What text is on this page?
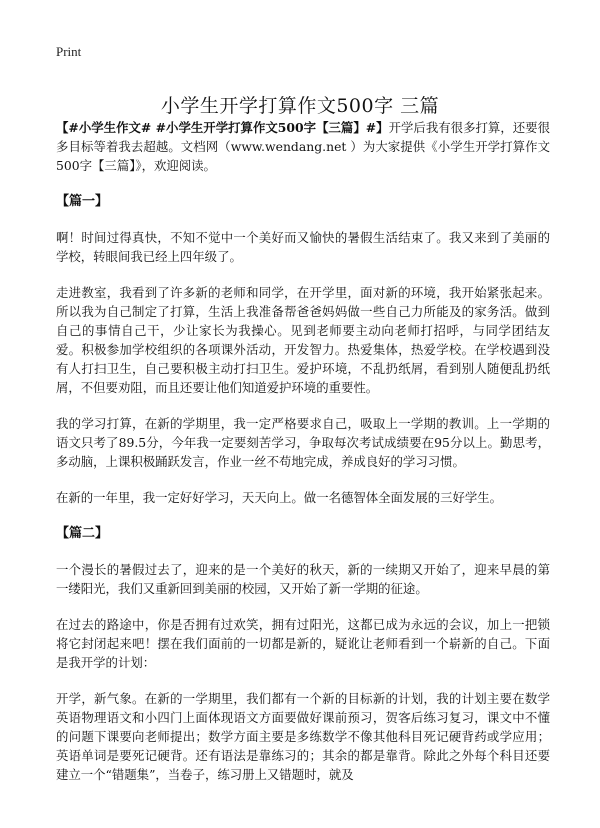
Print
小学生开学打算作文500字 三篇

【#小学生作文# #小学生开学打算作文500字【三篇】#】开学后我有很多打算，还要很多目标等着我去超越。文档网（www.wendang.net ）为大家提供《小学生开学打算作文500字【三篇】》，欢迎阅读。

【篇一】

啊！时间过得真快，不知不觉中一个美好而又愉快的暑假生活结束了。我又来到了美丽的学校，转眼间我已经上四年级了。

走进教室，我看到了许多新的老师和同学，在开学里，面对新的环境，我开始紧张起来。所以我为自己制定了打算，生活上我准备帮爸爸妈妈做一些自己力所能及的家务活。做到自己的事情自己干，少让家长为我操心。见到老师要主动向老师打招呼，与同学团结友爱。积极参加学校组织的各项课外活动，开发智力。热爱集体，热爱学校。在学校遇到没有人打扫卫生，自己要积极主动打扫卫生。爱护环境，不乱扔纸屑，看到别人随便乱扔纸屑，不但要劝阻，而且还要让他们知道爱护环境的重要性。

我的学习打算，在新的学期里，我一定严格要求自己，吸取上一学期的教训。上一学期的语文只考了89.5分，今年我一定要刻苦学习，争取每次考试成绩要在95分以上。勤思考，多动脑，上课积极踊跃发言，作业一丝不苟地完成，养成良好的学习习惯。

在新的一年里，我一定好好学习，天天向上。做一名德智体全面发展的三好学生。

【篇二】

一个漫长的暑假过去了，迎来的是一个美好的秋天，新的一续期又开始了，迎来早晨的第一缕阳光，我们又重新回到美丽的校园，又开始了新一学期的征途。

在过去的路途中，你是否拥有过欢笑，拥有过阳光，这都已成为永远的会议，加上一把锁将它封闭起来吧！摆在我们面前的一切都是新的，疑讹让老师看到一个崭新的自己。下面是我开学的计划：

开学，新气象。在新的一学期里，我们都有一个新的目标新的计划，我的计划主要在数学英语物理语文和小四门上面体现语文方面要做好课前预习，贺客后练习复习，课文中不懂的问题下课要向老师提出；数学方面主要是多练数学不像其他科目死记硬背药或学应用；英语单词是要死记硬背。还有语法是靠练习的；其余的都是靠背。除此之外每个科目还要建立一个“错题集”，当卷子，练习册上又错题时，就及
